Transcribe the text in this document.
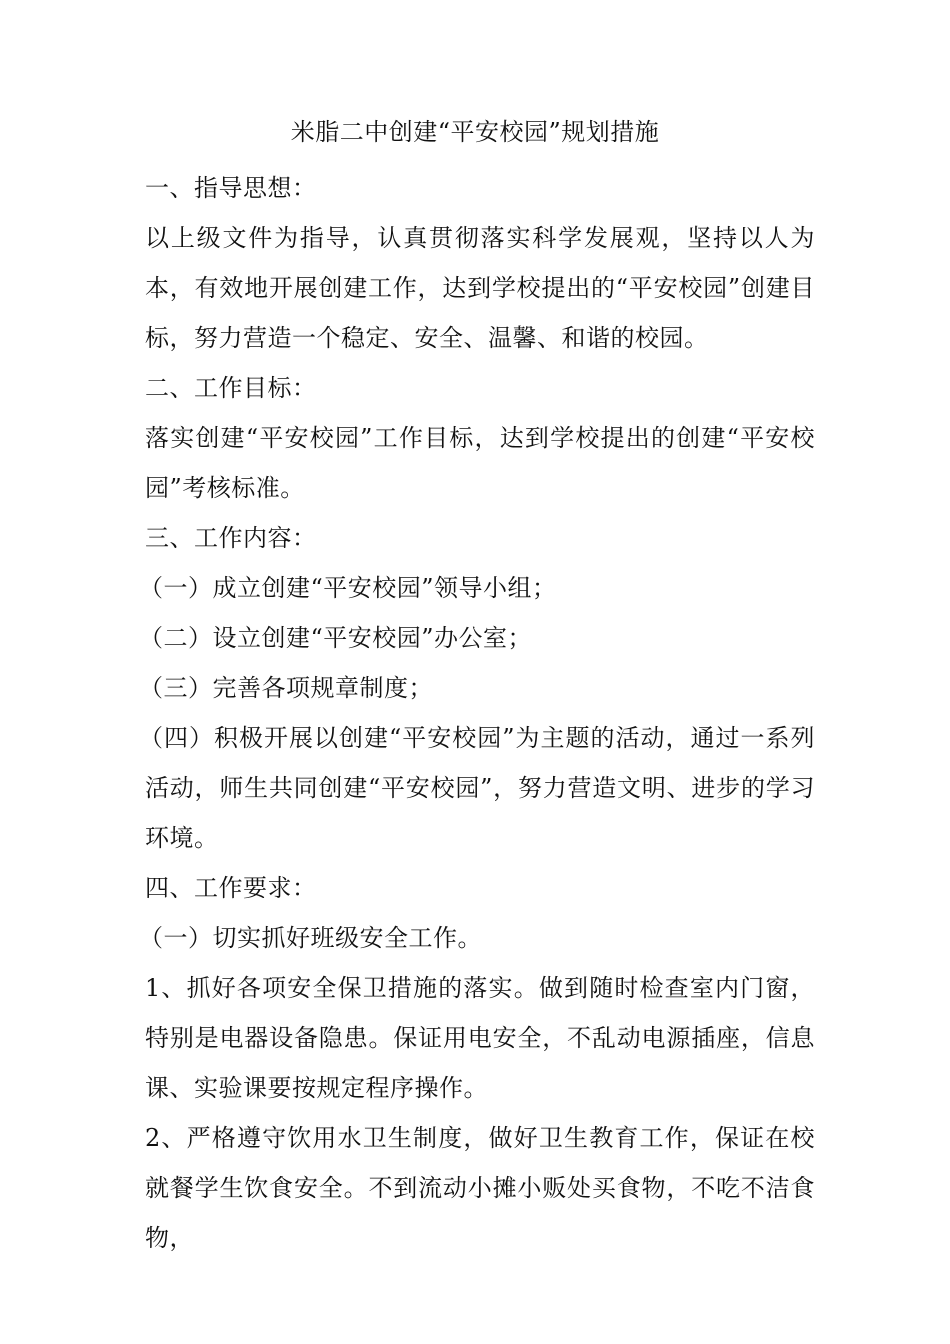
米脂二中创建“平安校园”规划措施

一、指导思想：

以上级文件为指导，认真贯彻落实科学发展观，坚持以人为本，有效地开展创建工作，达到学校提出的“平安校园”创建目标，努力营造一个稳定、安全、温馨、和谐的校园。

二、工作目标：

落实创建“平安校园”工作目标，达到学校提出的创建“平安校园”考核标准。

三、工作内容：

（一）成立创建“平安校园”领导小组；

（二）设立创建“平安校园”办公室；

（三）完善各项规章制度；

（四）积极开展以创建“平安校园”为主题的活动，通过一系列活动，师生共同创建“平安校园”，努力营造文明、进步的学习环境。

四、工作要求：

（一）切实抓好班级安全工作。

1、抓好各项安全保卫措施的落实。做到随时检查室内门窗，特别是电器设备隐患。保证用电安全，不乱动电源插座，信息课、实验课要按规定程序操作。

2、严格遵守饮用水卫生制度，做好卫生教育工作，保证在校就餐学生饮食安全。不到流动小摊小贩处买食物，不吃不洁食物，
